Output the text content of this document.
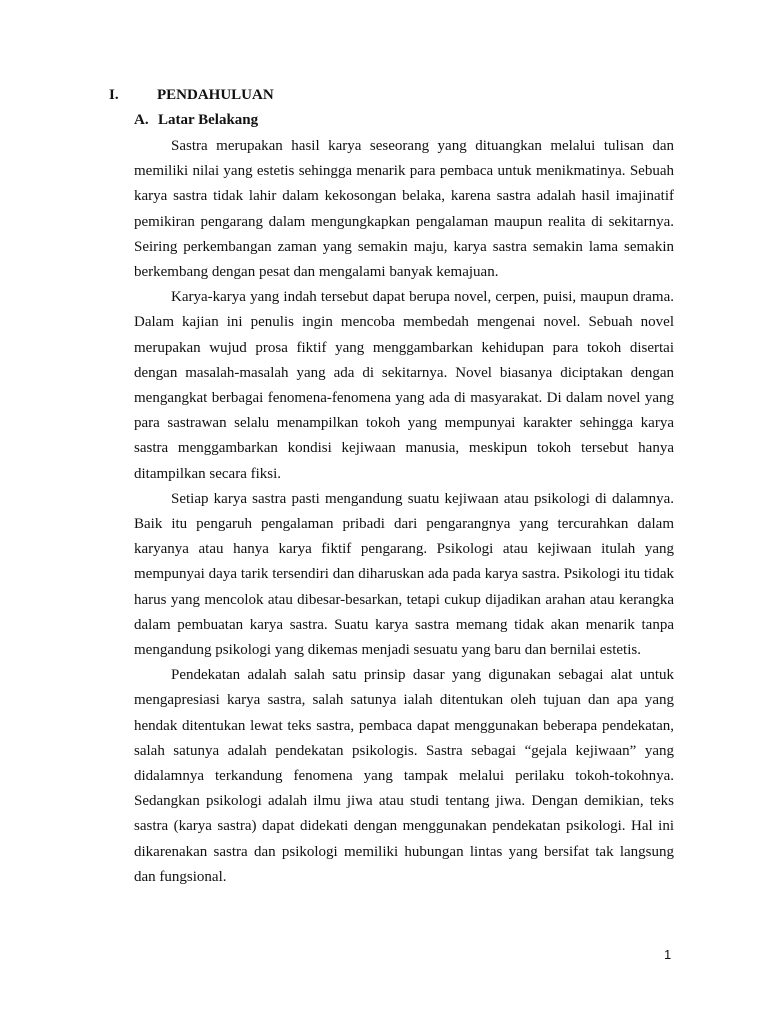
I.	PENDAHULUAN
A. Latar Belakang

Sastra merupakan hasil karya seseorang yang dituangkan melalui tulisan dan memiliki nilai yang estetis sehingga menarik para pembaca untuk menikmatinya. Sebuah karya sastra tidak lahir dalam kekosongan belaka, karena sastra adalah hasil imajinatif pemikiran pengarang dalam mengungkapkan pengalaman maupun realita di sekitarnya. Seiring perkembangan zaman yang semakin maju, karya sastra semakin lama semakin berkembang dengan pesat dan mengalami banyak kemajuan.

Karya-karya yang indah tersebut dapat berupa novel, cerpen, puisi, maupun drama. Dalam kajian ini penulis ingin mencoba membedah mengenai novel. Sebuah novel merupakan wujud prosa fiktif yang menggambarkan kehidupan para tokoh disertai dengan masalah-masalah yang ada di sekitarnya. Novel biasanya diciptakan dengan mengangkat berbagai fenomena-fenomena yang ada di masyarakat. Di dalam novel yang para sastrawan selalu menampilkan tokoh yang mempunyai karakter sehingga karya sastra menggambarkan kondisi kejiwaan manusia, meskipun tokoh tersebut hanya ditampilkan secara fiksi.

Setiap karya sastra pasti mengandung suatu kejiwaan atau psikologi di dalamnya. Baik itu pengaruh pengalaman pribadi dari pengarangnya yang tercurahkan dalam karyanya atau hanya karya fiktif pengarang. Psikologi atau kejiwaan itulah yang mempunyai daya tarik tersendiri dan diharuskan ada pada karya sastra. Psikologi itu tidak harus yang mencolok atau dibesar-besarkan, tetapi cukup dijadikan arahan atau kerangka dalam pembuatan karya sastra. Suatu karya sastra memang tidak akan menarik tanpa mengandung psikologi yang dikemas menjadi sesuatu yang baru dan bernilai estetis.

Pendekatan adalah salah satu prinsip dasar yang digunakan sebagai alat untuk mengapresiasi karya sastra, salah satunya ialah ditentukan oleh tujuan dan apa yang hendak ditentukan lewat teks sastra, pembaca dapat menggunakan beberapa pendekatan, salah satunya adalah pendekatan psikologis. Sastra sebagai “gejala kejiwaan” yang didalamnya terkandung fenomena yang tampak melalui perilaku tokoh-tokohnya. Sedangkan psikologi adalah ilmu jiwa atau studi tentang jiwa. Dengan demikian, teks sastra (karya sastra) dapat didekati dengan menggunakan pendekatan psikologi. Hal ini dikarenakan sastra dan psikologi memiliki hubungan lintas yang bersifat tak langsung dan fungsional.

1
